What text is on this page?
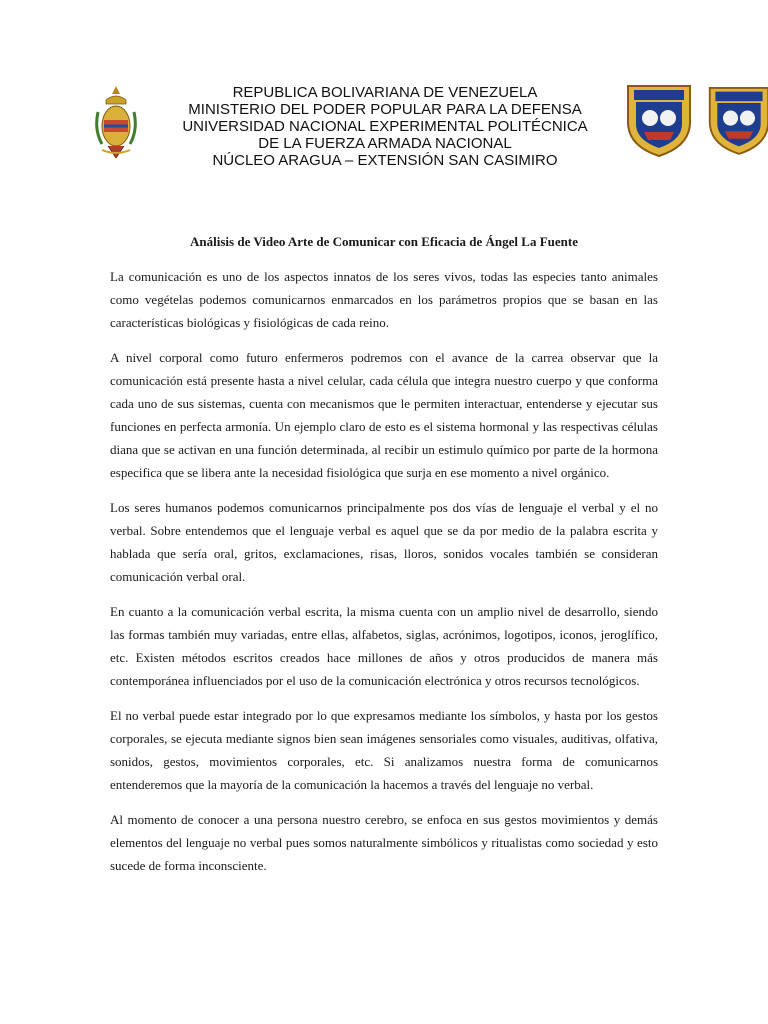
REPUBLICA BOLIVARIANA DE VENEZUELA
MINISTERIO DEL PODER POPULAR PARA LA DEFENSA
UNIVERSIDAD NACIONAL EXPERIMENTAL POLITÉCNICA
DE LA FUERZA ARMADA NACIONAL
NÚCLEO ARAGUA – EXTENSIÓN SAN CASIMIRO
Análisis de Video Arte de Comunicar con Eficacia de Ángel La Fuente

La comunicación es uno de los aspectos innatos de los seres vivos, todas las especies tanto animales como vegételas podemos comunicarnos enmarcados en los parámetros propios que se basan en las características biológicas y fisiológicas de cada reino.

A nivel corporal como futuro enfermeros podremos con el avance de la carrea observar que la comunicación está presente hasta a nivel celular, cada célula que integra nuestro cuerpo y que conforma cada uno de sus sistemas, cuenta con mecanismos que le permiten interactuar, entenderse y ejecutar sus funciones en perfecta armonía. Un ejemplo claro de esto es el sistema hormonal y las respectivas células diana que se activan en una función determinada, al recibir un estimulo químico por parte de la hormona especifica que se libera ante la necesidad fisiológica que surja en ese momento a nivel orgánico.

Los seres humanos podemos comunicarnos principalmente pos dos vías de lenguaje el verbal y el no verbal. Sobre entendemos que el lenguaje verbal es aquel que se da por medio de la palabra escrita y hablada que sería oral, gritos, exclamaciones, risas, lloros, sonidos vocales también se consideran comunicación verbal oral.

En cuanto a la comunicación verbal escrita, la misma cuenta con un amplio nivel de desarrollo, siendo las formas también muy variadas, entre ellas, alfabetos, siglas, acrónimos, logotipos, iconos, jeroglífico, etc. Existen métodos escritos creados hace millones de años y otros producidos de manera más contemporánea influenciados por el uso de la comunicación electrónica y otros recursos tecnológicos.

El no verbal puede estar integrado por lo que expresamos mediante los símbolos, y hasta por los gestos corporales, se ejecuta mediante signos bien sean imágenes sensoriales como visuales, auditivas, olfativa, sonidos, gestos, movimientos corporales, etc. Si analizamos nuestra forma de comunicarnos entenderemos que la mayoría de la comunicación la hacemos a través del lenguaje no verbal.

Al momento de conocer a una persona nuestro cerebro, se enfoca en sus gestos movimientos y demás elementos del lenguaje no verbal pues somos naturalmente simbólicos y ritualistas como sociedad y esto sucede de forma inconsciente.
